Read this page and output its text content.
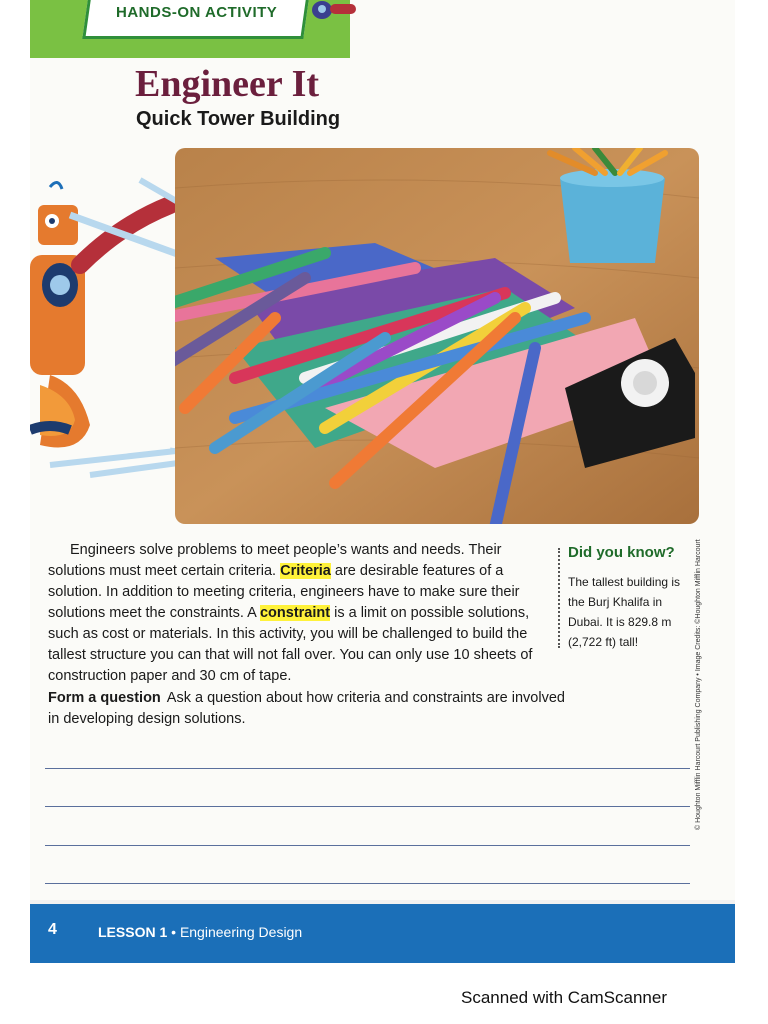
HANDS-ON ACTIVITY
Engineer It
Quick Tower Building

Engineers solve problems to meet people’s wants and needs. Their solutions must meet certain criteria. Criteria are desirable features of a solution. In addition to meeting criteria, engineers have to make sure their solutions meet the constraints. A constraint is a limit on possible solutions, such as cost or materials. In this activity, you will be challenged to build the tallest structure you can that will not fall over. You can only use 10 sheets of construction paper and 30 cm of tape.

Form a question Ask a question about how criteria and constraints are involved in developing design solutions.
Did you know?
The tallest building is the Burj Khalifa in Dubai. It is 829.8 m (2,722 ft) tall!	© Houghton Mifflin Harcourt Publishing Company • Image Credits: ©Houghton Mifflin Harcourt
4	LESSON 1 • Engineering Design
Scanned with CamScanner
